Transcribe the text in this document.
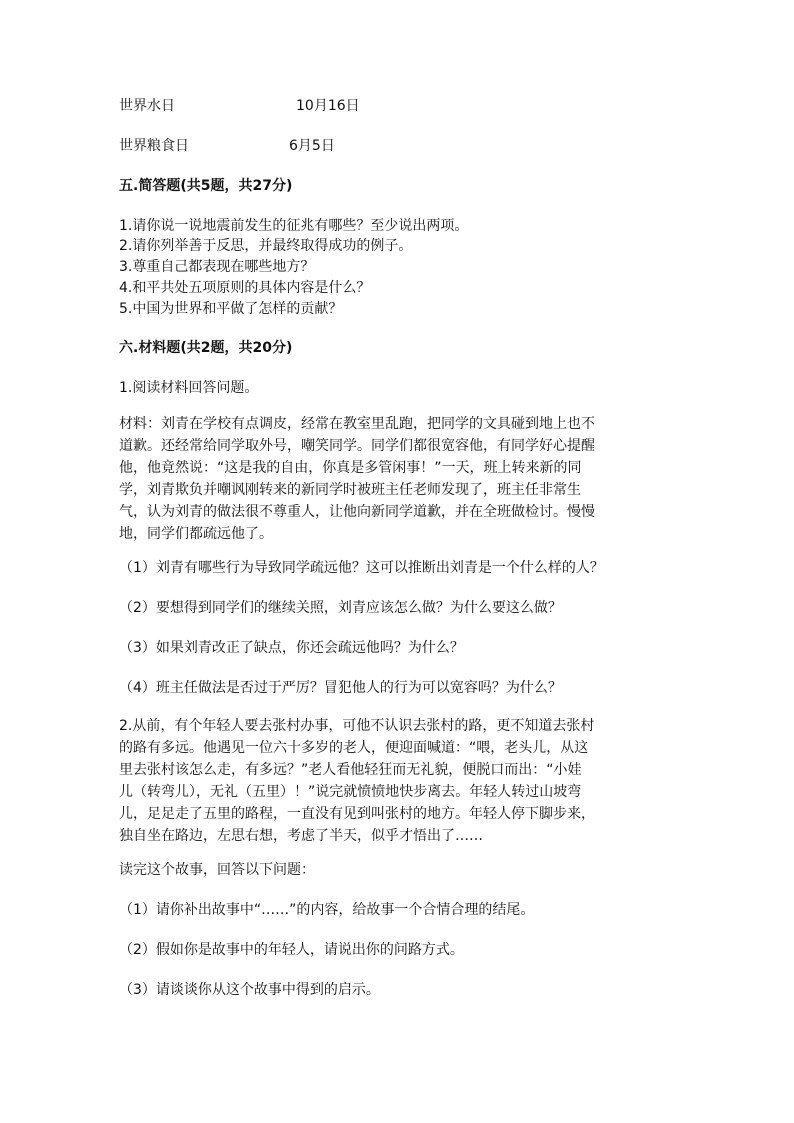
世界水日	10月16日
世界粮食日	6月5日
五.简答题(共5题，共27分)
1.请你说一说地震前发生的征兆有哪些？至少说出两项。
2.请你列举善于反思，并最终取得成功的例子。
3.尊重自己都表现在哪些地方？
4.和平共处五项原则的具体内容是什么？
5.中国为世界和平做了怎样的贡献？
六.材料题(共2题，共20分)
1.阅读材料回答问题。
材料：刘青在学校有点调皮，经常在教室里乱跑，把同学的文具碰到地上也不
道歉。还经常给同学取外号，嘲笑同学。同学们都很宽容他，有同学好心提醒
他，他竟然说：“这是我的自由，你真是多管闲事！”一天，班上转来新的同
学，刘青欺负并嘲讽刚转来的新同学时被班主任老师发现了，班主任非常生
气，认为刘青的做法很不尊重人，让他向新同学道歉，并在全班做检讨。慢慢
地，同学们都疏远他了。
（1）刘青有哪些行为导致同学疏远他？这可以推断出刘青是一个什么样的人？
（2）要想得到同学们的继续关照，刘青应该怎么做？为什么要这么做？
（3）如果刘青改正了缺点，你还会疏远他吗？为什么？
（4）班主任做法是否过于严厉？冒犯他人的行为可以宽容吗？为什么？
2.从前，有个年轻人要去张村办事，可他不认识去张村的路，更不知道去张村
的路有多远。他遇见一位六十多岁的老人，便迎面喊道：“喂，老头儿，从这
里去张村该怎么走，有多远？”老人看他轻狂而无礼貌，便脱口而出：“小娃
儿（转弯儿），无礼（五里）！”说完就愤愤地快步离去。年轻人转过山坡弯
儿，足足走了五里的路程，一直没有见到叫张村的地方。年轻人停下脚步来，
独自坐在路边，左思右想，考虑了半天，似乎才悟出了……
读完这个故事，回答以下问题：
（1）请你补出故事中“……”的内容，给故事一个合情合理的结尾。
（2）假如你是故事中的年轻人，请说出你的问路方式。
（3）请谈谈你从这个故事中得到的启示。
